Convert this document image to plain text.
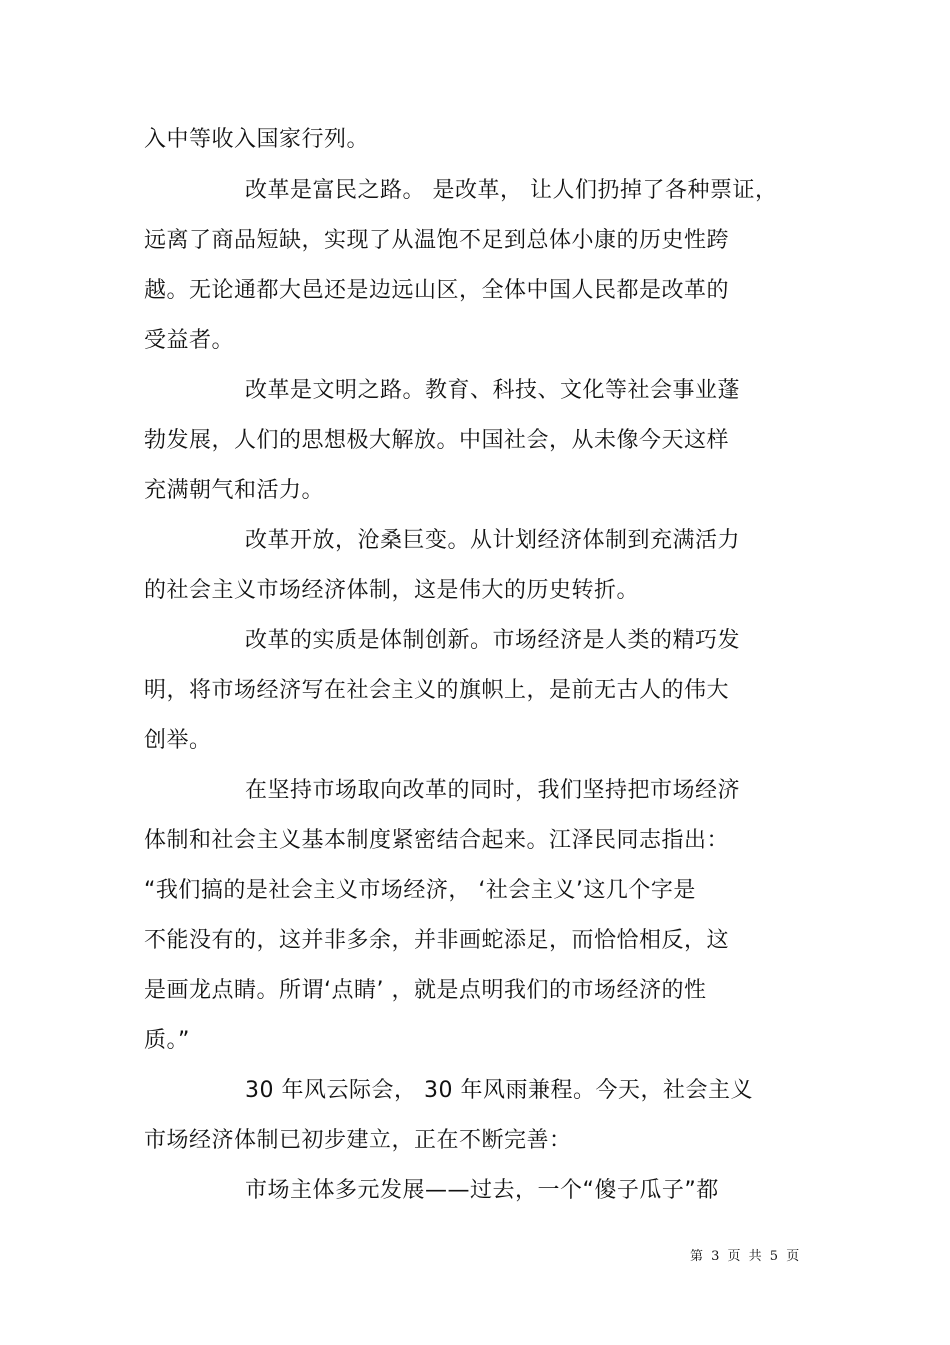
入中等收入国家行列。
改革是富民之路。 是改革， 让人们扔掉了各种票证，
远离了商品短缺，实现了从温饱不足到总体小康的历史性跨
越。无论通都大邑还是边远山区，全体中国人民都是改革的
受益者。
改革是文明之路。教育、科技、文化等社会事业蓬
勃发展，人们的思想极大解放。中国社会，从未像今天这样
充满朝气和活力。
改革开放，沧桑巨变。从计划经济体制到充满活力
的社会主义市场经济体制，这是伟大的历史转折。
改革的实质是体制创新。市场经济是人类的精巧发
明，将市场经济写在社会主义的旗帜上，是前无古人的伟大
创举。
在坚持市场取向改革的同时，我们坚持把市场经济
体制和社会主义基本制度紧密结合起来。江泽民同志指出：
“我们搞的是社会主义市场经济， ‘社会主义’这几个字是
不能没有的，这并非多余，并非画蛇添足，而恰恰相反，这
是画龙点睛。所谓‘点睛’ ，就是点明我们的市场经济的性
质。”
30 年风云际会， 30 年风雨兼程。今天，社会主义
市场经济体制已初步建立，正在不断完善：
市场主体多元发展——过去，一个“傻子瓜子”都
第 3 页 共 5 页
